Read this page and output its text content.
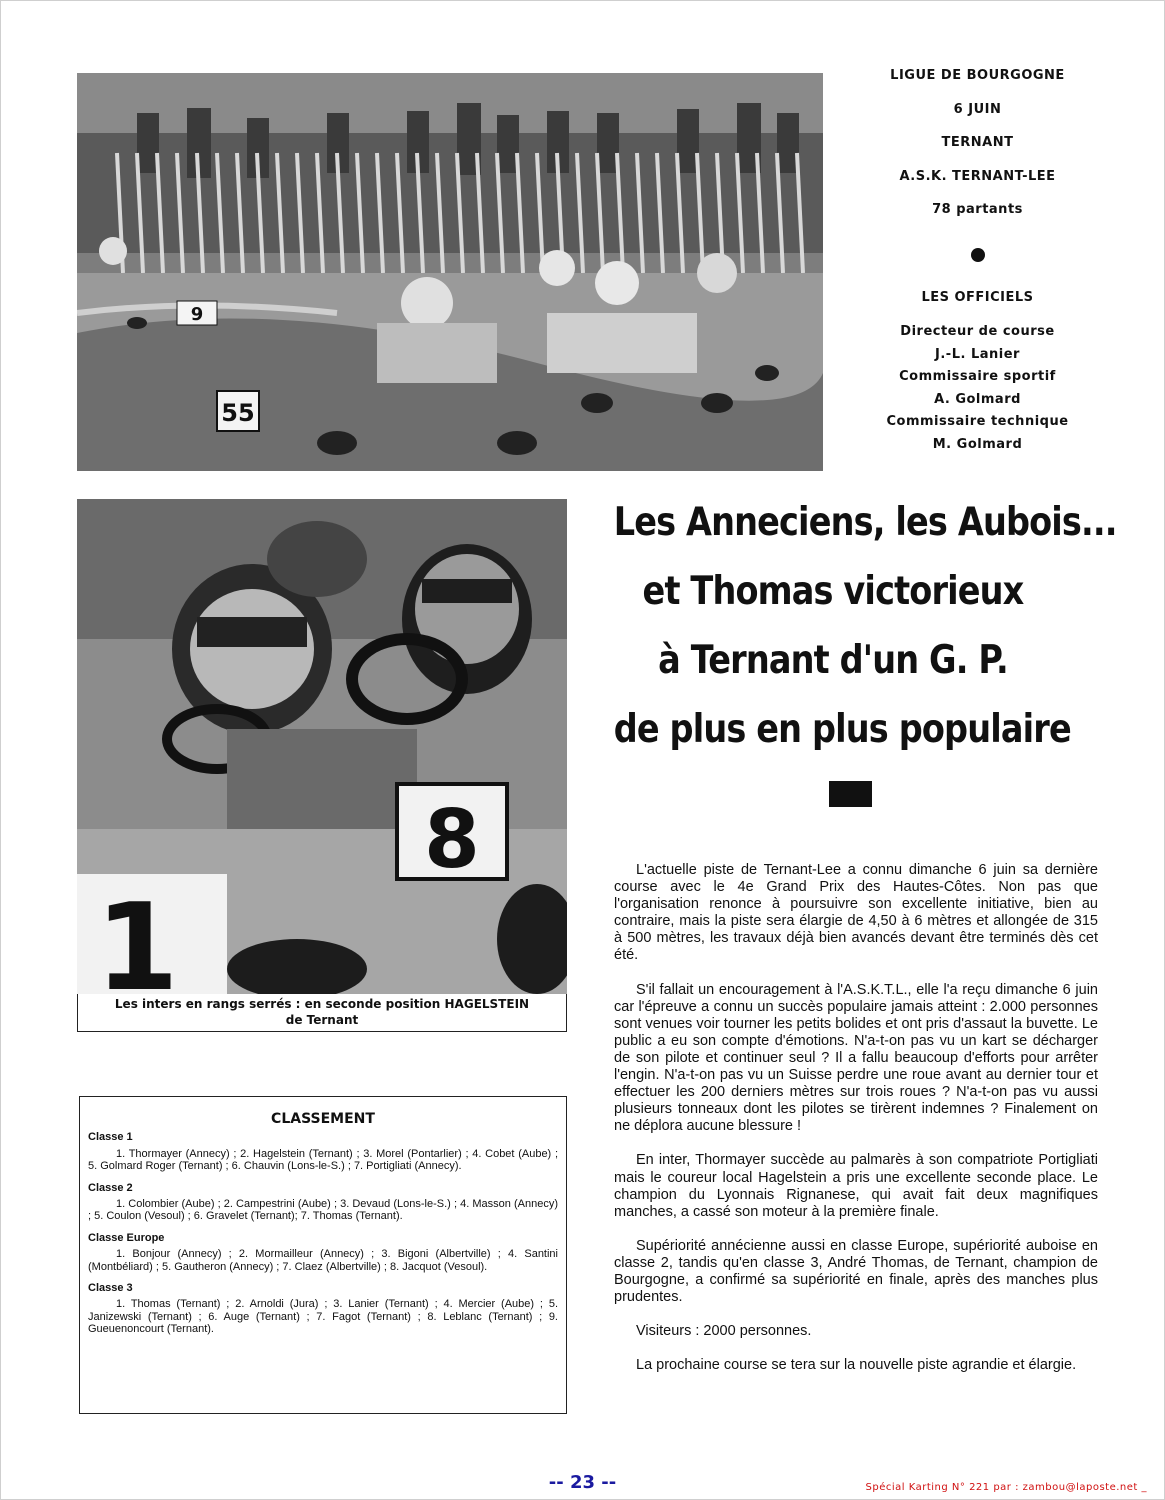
55
9
LIGUE DE BOURGOGNE
6 JUIN
TERNANT
A.S.K. TERNANT-LEE
78 partants
LES OFFICIELS
Directeur de course
J.-L. Lanier
Commissaire sportif
A. Golmard
Commissaire technique
M. Golmard
8
1
Les inters en rangs serrés : en seconde position HAGELSTEIN
de Ternant
Les Anneciens, les Aubois...
et Thomas victorieux
à Ternant d'un G. P.
de plus en plus populaire

L'actuelle piste de Ternant-Lee a connu dimanche 6 juin sa dernière course avec le 4e Grand Prix des Hautes-Côtes. Non pas que l'organisation renonce à poursuivre son excellente initiative, bien au contraire, mais la piste sera élargie de 4,50 à 6 mètres et allongée de 315 à 500 mètres, les travaux déjà bien avancés devant être terminés dès cet été.

S'il fallait un encouragement à l'A.S.K.T.L., elle l'a reçu dimanche 6 juin car l'épreuve a connu un succès populaire jamais atteint : 2.000 personnes sont venues voir tourner les petits bolides et ont pris d'assaut la buvette. Le public a eu son compte d'émotions. N'a-t-on pas vu un kart se décharger de son pilote et continuer seul ? Il a fallu beaucoup d'efforts pour arrêter l'engin. N'a-t-on pas vu un Suisse perdre une roue avant au dernier tour et effectuer les 200 derniers mètres sur trois roues ? N'a-t-on pas vu aussi plusieurs tonneaux dont les pilotes se tirèrent indemnes ? Finalement on ne déplora aucune blessure !

En inter, Thormayer succède au palmarès à son compatriote Portigliati mais le coureur local Hagelstein a pris une excellente seconde place. Le champion du Lyonnais Rignanese, qui avait fait deux magnifiques manches, a cassé son moteur à la première finale.

Supériorité annécienne aussi en classe Europe, supériorité auboise en classe 2, tandis qu'en classe 3, André Thomas, de Ternant, champion de Bourgogne, a confirmé sa supériorité en finale, après des manches plus prudentes.

Visiteurs : 2000 personnes.

La prochaine course se tera sur la nouvelle piste agrandie et élargie.

CLASSEMENT
Classe 1
1. Thormayer (Annecy) ; 2. Hagelstein (Ternant) ; 3. Morel (Pontarlier) ; 4. Cobet (Aube) ; 5. Golmard Roger (Ternant) ; 6. Chauvin (Lons-le-S.) ; 7. Portigliati (Annecy).
Classe 2
1. Colombier (Aube) ; 2. Campestrini (Aube) ; 3. Devaud (Lons-le-S.) ; 4. Masson (Annecy) ; 5. Coulon (Vesoul) ; 6. Gravelet (Ternant); 7. Thomas (Ternant).
Classe Europe
1. Bonjour (Annecy) ; 2. Mormailleur (Annecy) ; 3. Bigoni (Albertville) ; 4. Santini (Montbéliard) ; 5. Gautheron (Annecy) ; 7. Claez (Albertville) ; 8. Jacquot (Vesoul).
Classe 3
1. Thomas (Ternant) ; 2. Arnoldi (Jura) ; 3. Lanier (Ternant) ; 4. Mercier (Aube) ; 5. Janizewski (Ternant) ; 6. Auge (Ternant) ; 7. Fagot (Ternant) ; 8. Leblanc (Ternant) ; 9. Gueuenoncourt (Ternant).
-- 23 --	Spécial Karting N° 221 par : zambou@laposte.net _
